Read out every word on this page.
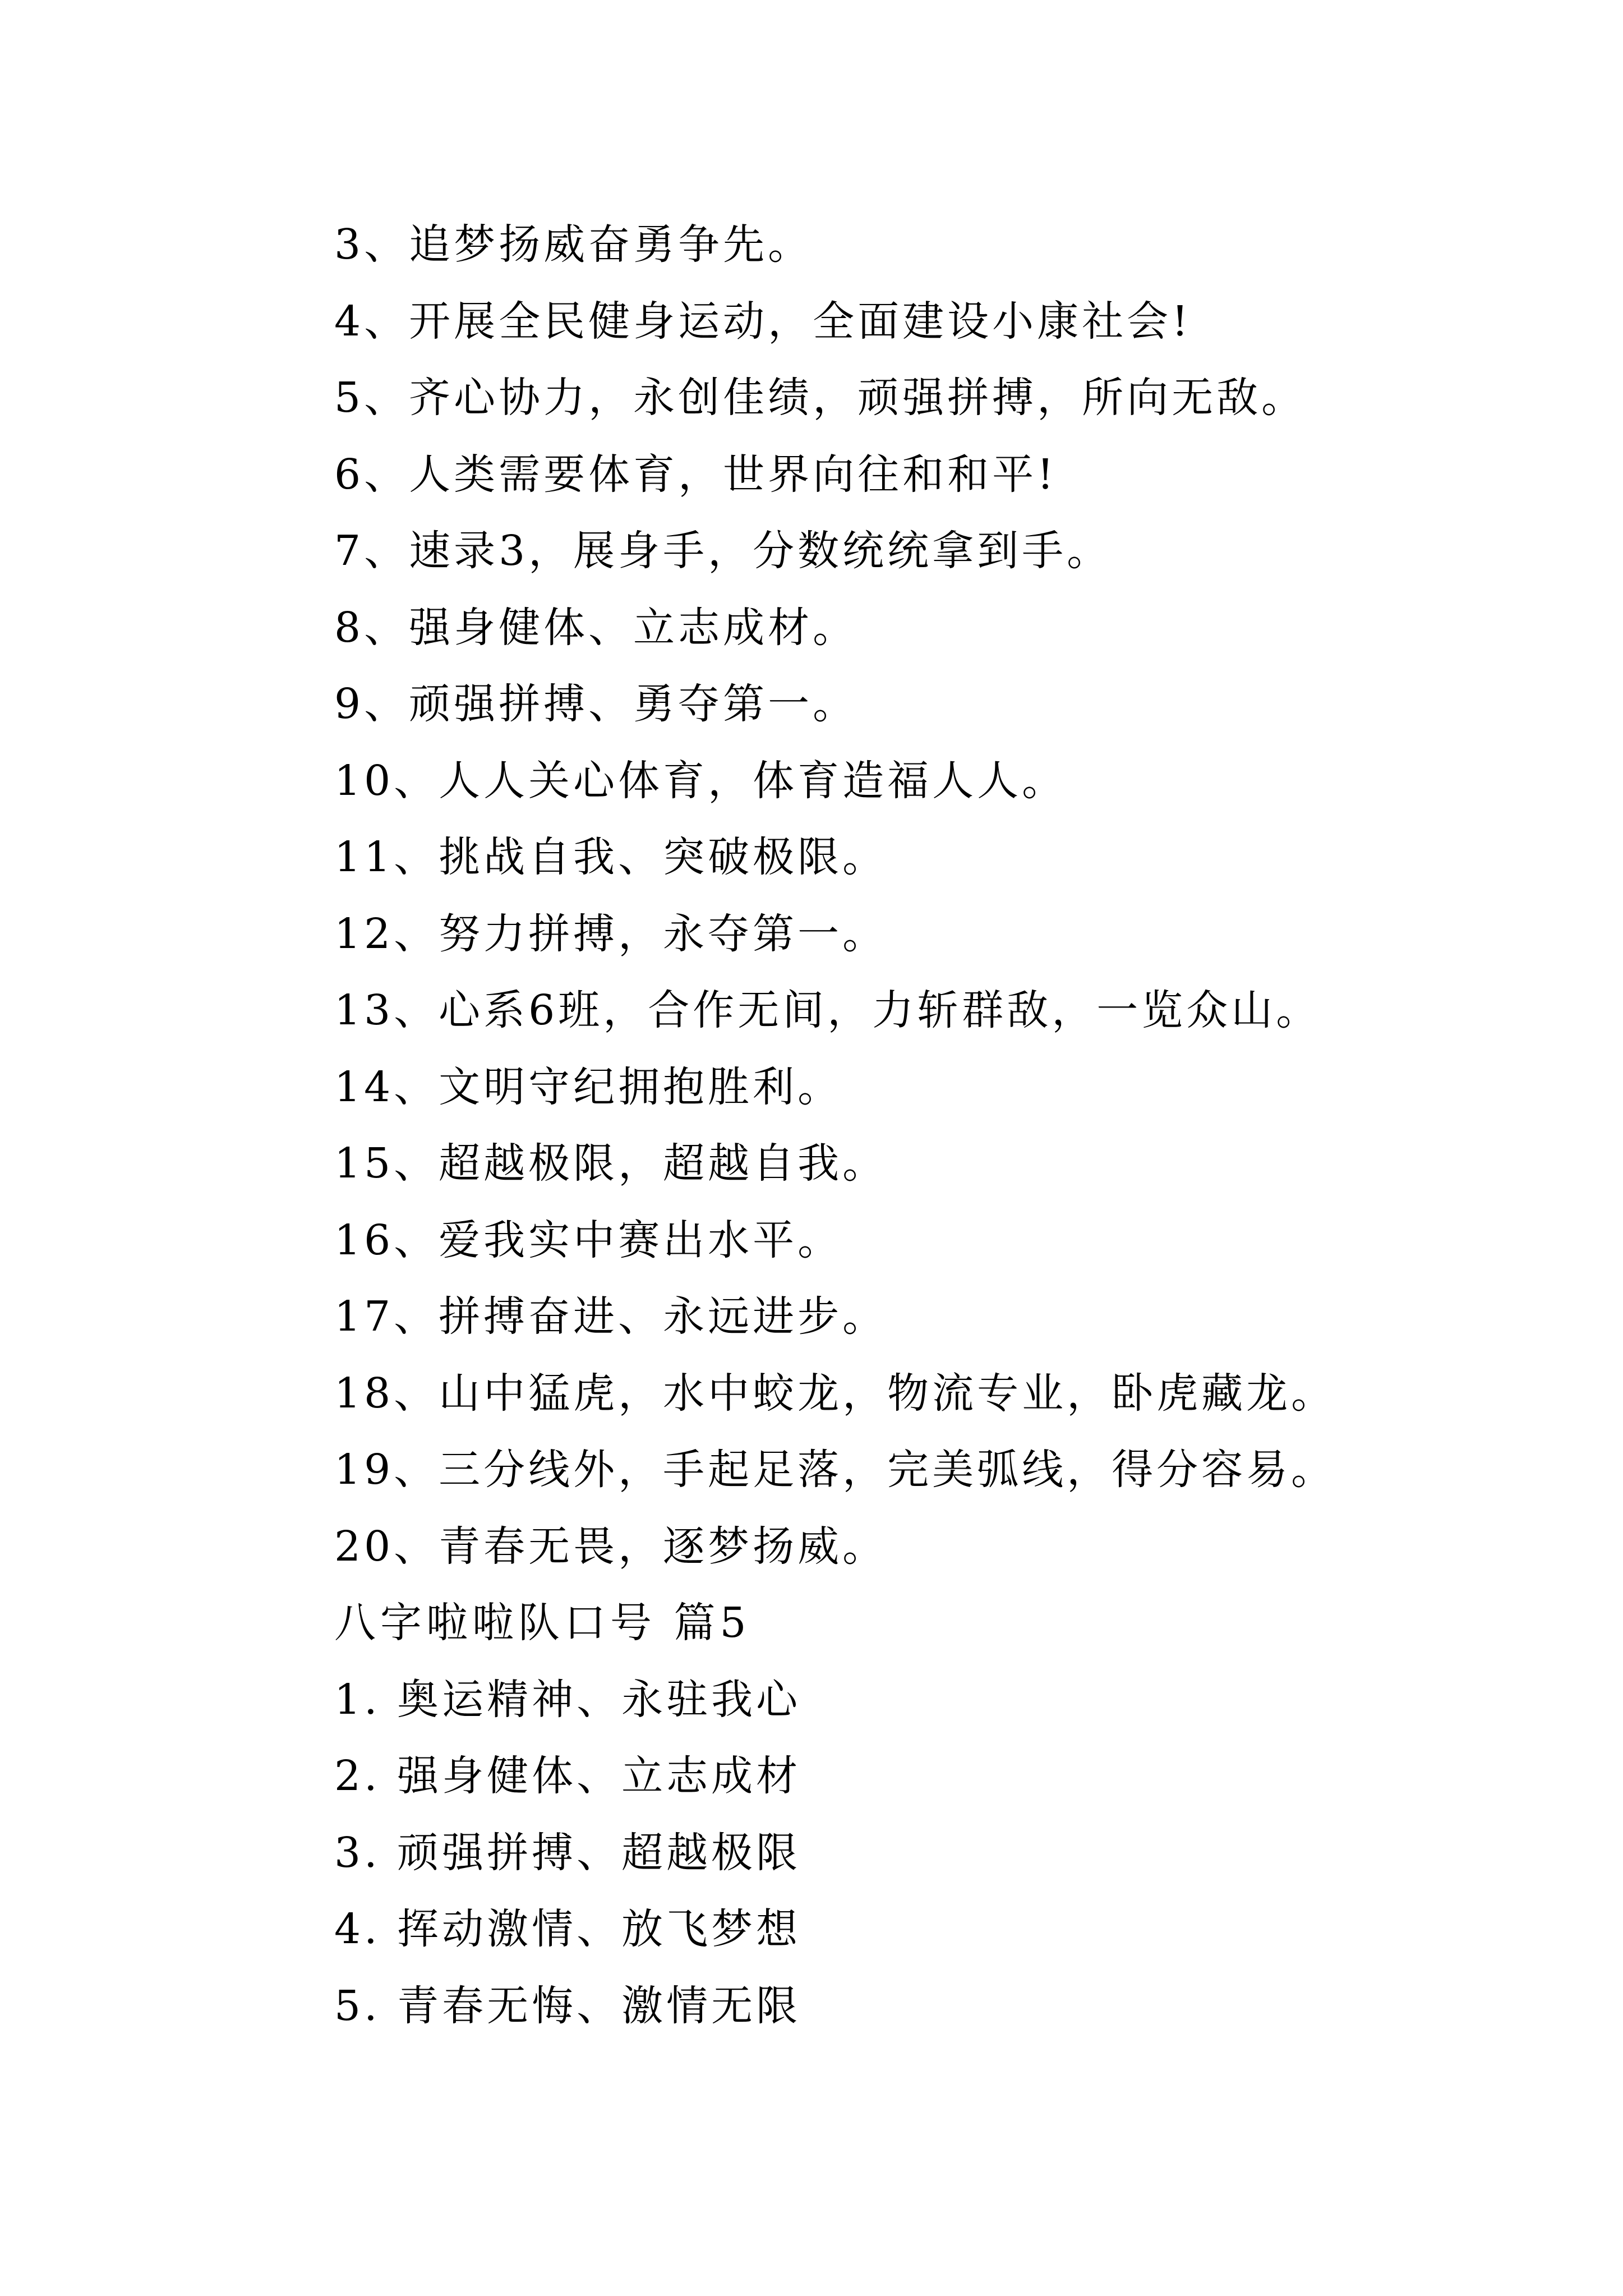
3、追梦扬威奋勇争先。
4、开展全民健身运动，全面建设小康社会!
5、齐心协力，永创佳绩，顽强拼搏，所向无敌。
6、人类需要体育，世界向往和和平!
7、速录3，展身手，分数统统拿到手。
8、强身健体、立志成材。
9、顽强拼搏、勇夺第一。
10、人人关心体育，体育造福人人。
11、挑战自我、突破极限。
12、努力拼搏，永夺第一。
13、心系6班，合作无间，力斩群敌，一览众山。
14、文明守纪拥抱胜利。
15、超越极限，超越自我。
16、爱我实中赛出水平。
17、拼搏奋进、永远进步。
18、山中猛虎，水中蛟龙，物流专业，卧虎藏龙。
19、三分线外，手起足落，完美弧线，得分容易。
20、青春无畏，逐梦扬威。
八字啦啦队口号 篇5
1. 奥运精神、永驻我心
2. 强身健体、立志成材
3. 顽强拼搏、超越极限
4. 挥动激情、放飞梦想
5. 青春无悔、激情无限
